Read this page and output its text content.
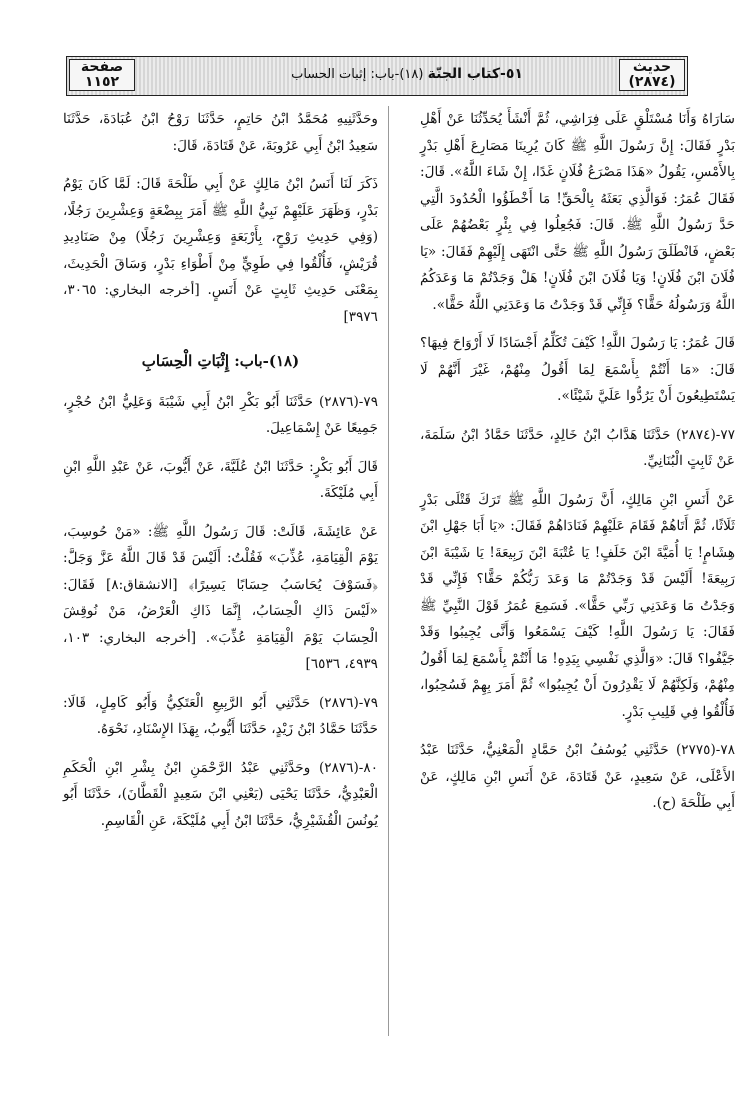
حديث
(٢٨٧٤)
٥١-كتاب الجنّة (١٨)-باب: إثبات الحساب
صفحة
١١٥٢

سَارَاهُ وَأَنَا مُسْتَلْقٍ عَلَى فِرَاشِي، ثُمَّ أَنْشَأَ يُحَدِّثُنَا عَنْ أَهْلِ بَدْرٍ فَقَالَ: إِنَّ رَسُولَ اللَّهِ ﷺ كَانَ يُرِينَا مَصَارِعَ أَهْلِ بَدْرٍ بِالأَمْسِ، يَقُولُ «هَذَا مَصْرَعُ فُلَانٍ غَدًا، إِنْ شَاءَ اللَّهُ». قَالَ: فَقَالَ عُمَرُ: فَوَالَّذِي بَعَثَهُ بِالْحَقِّ! مَا أَخْطَؤُوا الْحُدُودَ الَّتِي حَدَّ رَسُولُ اللَّهِ ﷺ. قَالَ: فَجُعِلُوا فِي بِئْرٍ بَعْضُهُمْ عَلَى بَعْضٍ، فَانْطَلَقَ رَسُولُ اللَّهِ ﷺ حَتَّى انْتَهَى إِلَيْهِمْ فَقَالَ: «يَا فُلَانَ ابْنَ فُلَانٍ! وَيَا فُلَانَ ابْنَ فُلَانٍ! هَلْ وَجَدْتُمْ مَا وَعَدَكُمُ اللَّهُ وَرَسُولُهُ حَقًّا؟ فَإِنِّي قَدْ وَجَدْتُ مَا وَعَدَنِي اللَّهُ حَقًّا».

قَالَ عُمَرُ: يَا رَسُولَ اللَّهِ! كَيْفَ تُكَلِّمُ أَجْسَادًا لَا أَرْوَاحَ فِيهَا؟ قَالَ: «مَا أَنْتُمْ بِأَسْمَعَ لِمَا أَقُولُ مِنْهُمْ، غَيْرَ أَنَّهُمْ لَا يَسْتَطِيعُونَ أَنْ يَرُدُّوا عَلَيَّ شَيْئًا».

٧٧-(٢٨٧٤) حَدَّثَنَا هَدَّابُ ابْنُ خَالِدٍ، حَدَّثَنَا حَمَّادُ ابْنُ سَلَمَةَ، عَنْ ثَابِتٍ الْبُنَانِيِّ.

عَنْ أَنَسِ ابْنِ مَالِكٍ، أَنَّ رَسُولَ اللَّهِ ﷺ تَرَكَ قَتْلَى بَدْرٍ ثَلَاثًا، ثُمَّ أَتَاهُمْ فَقَامَ عَلَيْهِمْ فَنَادَاهُمْ فَقَالَ: «يَا أَبَا جَهْلِ ابْنَ هِشَامٍ! يَا أُمَيَّةَ ابْنَ خَلَفٍ! يَا عُتْبَةَ ابْنَ رَبِيعَةَ! يَا شَيْبَةَ ابْنَ رَبِيعَةَ! أَلَيْسَ قَدْ وَجَدْتُمْ مَا وَعَدَ رَبُّكُمْ حَقًّا؟ فَإِنِّي قَدْ وَجَدْتُ مَا وَعَدَنِي رَبِّي حَقًّا». فَسَمِعَ عُمَرُ قَوْلَ النَّبِيِّ ﷺ فَقَالَ: يَا رَسُولَ اللَّهِ! كَيْفَ يَسْمَعُوا وَأَنَّى يُجِيبُوا وَقَدْ جَيَّفُوا؟ قَالَ: «وَالَّذِي نَفْسِي بِيَدِهِ! مَا أَنْتُمْ بِأَسْمَعَ لِمَا أَقُولُ مِنْهُمْ، وَلَكِنَّهُمْ لَا يَقْدِرُونَ أَنْ يُجِيبُوا» ثُمَّ أَمَرَ بِهِمْ فَسُحِبُوا، فَأُلْقُوا فِي قَلِيبِ بَدْرٍ.

٧٨-(٢٧٧٥) حَدَّثَنِي يُوسُفُ ابْنُ حَمَّادٍ الْمَعْنِيُّ، حَدَّثَنَا عَبْدُ الأَعْلَى، عَنْ سَعِيدٍ، عَنْ قَتَادَةَ، عَنْ أَنَسِ ابْنِ مَالِكٍ، عَنْ أَبِي طَلْحَةَ (ح).

وحَدَّثَنِيهِ مُحَمَّدُ ابْنُ حَاتِمٍ، حَدَّثَنَا رَوْحُ ابْنُ عُبَادَةَ، حَدَّثَنَا سَعِيدُ ابْنُ أَبِي عَرُوبَةَ، عَنْ قَتَادَةَ، قَالَ:

ذَكَرَ لَنَا أَنَسُ ابْنُ مَالِكٍ عَنْ أَبِي طَلْحَةَ قَالَ: لَمَّا كَانَ يَوْمُ بَدْرٍ، وَظَهَرَ عَلَيْهِمْ نَبِيُّ اللَّهِ ﷺ أَمَرَ بِبِضْعَةٍ وَعِشْرِينَ رَجُلًا، (وَفِي حَدِيثِ رَوْحٍ، بِأَرْبَعَةٍ وَعِشْرِينَ رَجُلًا) مِنْ صَنَادِيدِ قُرَيْشٍ، فَأُلْقُوا فِي طَوِيٍّ مِنْ أَطْوَاءِ بَدْرٍ، وَسَاقَ الْحَدِيثَ، بِمَعْنَى حَدِيثِ ثَابِتٍ عَنْ أَنَسٍ. [أخرجه البخاري: ٣٠٦٥، ٣٩٧٦]

(١٨)-باب: إِثْبَاتِ الْحِسَابِ

٧٩-(٢٨٧٦) حَدَّثَنَا أَبُو بَكْرِ ابْنُ أَبِي شَيْبَةَ وَعَلِيُّ ابْنُ حُجْرٍ، جَمِيعًا عَنْ إِسْمَاعِيلَ.

قَالَ أَبُو بَكْرٍ: حَدَّثَنَا ابْنُ عُلَيَّةَ، عَنْ أَيُّوبَ، عَنْ عَبْدِ اللَّهِ ابْنِ أَبِي مُلَيْكَةَ.

عَنْ عَائِشَةَ، قَالَتْ: قَالَ رَسُولُ اللَّهِ ﷺ: «مَنْ حُوسِبَ، يَوْمَ الْقِيَامَةِ، عُذِّبَ» فَقُلْتُ: أَلَيْسَ قَدْ قَالَ اللَّهُ عَزَّ وَجَلَّ: ﴿فَسَوْفَ يُحَاسَبُ حِسَابًا يَسِيرًا﴾ [الانشقاق:٨] فَقَالَ: «لَيْسَ ذَاكِ الْحِسَابُ، إِنَّمَا ذَاكِ الْعَرْضُ، مَنْ نُوقِشَ الْحِسَابَ يَوْمَ الْقِيَامَةِ عُذِّبَ». [أخرجه البخاري: ١٠٣، ٤٩٣٩، ٦٥٣٦]

٧٩-(٢٨٧٦) حَدَّثَنِي أَبُو الرَّبِيعِ الْعَتَكِيُّ وَأَبُو كَامِلٍ، قَالَا: حَدَّثَنَا حَمَّادُ ابْنُ زَيْدٍ، حَدَّثَنَا أَيُّوبُ، بِهَذَا الإِسْنَادِ، نَحْوَهُ.

٨٠-(٢٨٧٦) وحَدَّثَنِي عَبْدُ الرَّحْمَنِ ابْنُ بِشْرِ ابْنِ الْحَكَمِ الْعَبْدِيُّ، حَدَّثَنَا يَحْيَى (يَعْنِي ابْنَ سَعِيدٍ الْقَطَّانَ)، حَدَّثَنَا أَبُو يُونُسَ الْقُشَيْرِيُّ، حَدَّثَنَا ابْنُ أَبِي مُلَيْكَةَ، عَنِ الْقَاسِمِ.
